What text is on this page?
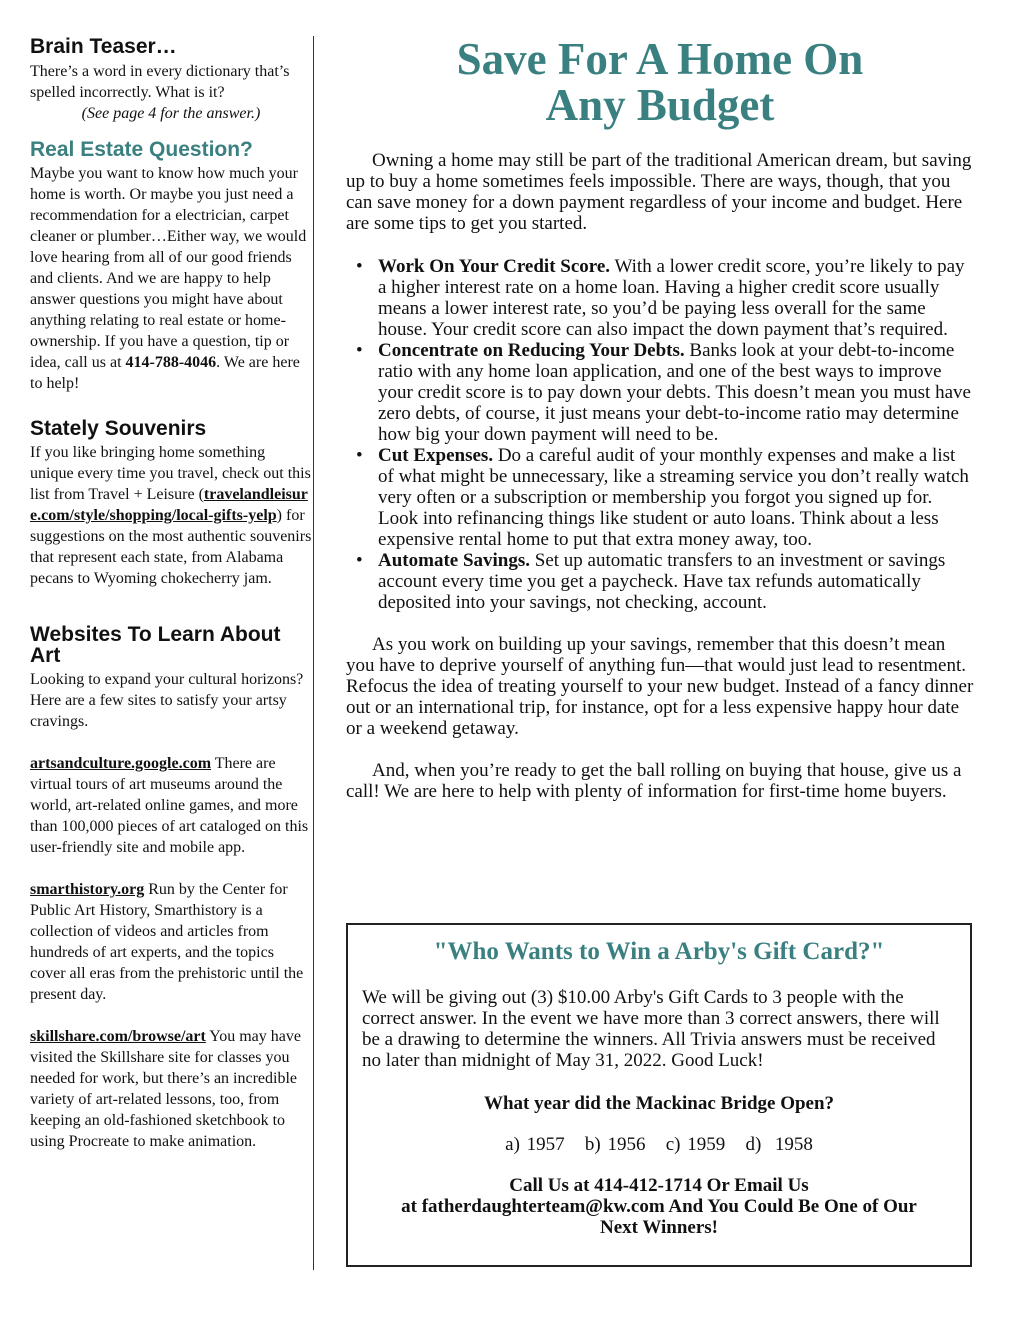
Brain Teaser…

There’s a word in every dictionary that’s spelled incorrectly. What is it?

(See page 4 for the answer.)

Real Estate Question?

Maybe you want to know how much your home is worth. Or maybe you just need a recommendation for a electrician, carpet cleaner or plumber…Either way, we would love hearing from all of our good friends and clients. And we are happy to help answer questions you might have about anything relating to real estate or home-ownership. If you have a question, tip or idea, call us at 414-788-4046. We are here to help!

Stately Souvenirs

If you like bringing home something unique every time you travel, check out this list from Travel + Leisure (travelandleisure.com/style/shopping/local-gifts-yelp) for suggestions on the most authentic souvenirs that represent each state, from Alabama pecans to Wyoming chokecherry jam.

Websites To Learn About Art

Looking to expand your cultural horizons? Here are a few sites to satisfy your artsy cravings.

artsandculture.google.com There are virtual tours of art museums around the world, art-related online games, and more than 100,000 pieces of art cataloged on this user-friendly site and mobile app.

smarthistory.org Run by the Center for Public Art History, Smarthistory is a collection of videos and articles from hundreds of art experts, and the topics cover all eras from the prehistoric until the present day.

skillshare.com/browse/art You may have visited the Skillshare site for classes you needed for work, but there’s an incredible variety of art-related lessons, too, from keeping an old-fashioned sketchbook to using Procreate to make animation.

Save For A Home On
Any Budget

Owning a home may still be part of the traditional American dream, but saving up to buy a home sometimes feels impossible. There are ways, though, that you can save money for a down payment regardless of your income and budget. Here are some tips to get you started.

• Work On Your Credit Score. With a lower credit score, you’re likely to pay a higher interest rate on a home loan. Having a higher credit score usually means a lower interest rate, so you’d be paying less overall for the same house. Your credit score can also impact the down payment that’s required.
• Concentrate on Reducing Your Debts. Banks look at your debt-to-income ratio with any home loan application, and one of the best ways to improve your credit score is to pay down your debts. This doesn’t mean you must have zero debts, of course, it just means your debt-to-income ratio may determine how big your down payment will need to be.
• Cut Expenses. Do a careful audit of your monthly expenses and make a list of what might be unnecessary, like a streaming service you don’t really watch very often or a subscription or membership you forgot you signed up for. Look into refinancing things like student or auto loans. Think about a less expensive rental home to put that extra money away, too.
• Automate Savings. Set up automatic transfers to an investment or savings account every time you get a paycheck. Have tax refunds automatically deposited into your savings, not checking, account.

As you work on building up your savings, remember that this doesn’t mean you have to deprive yourself of anything fun—that would just lead to resentment. Refocus the idea of treating yourself to your new budget. Instead of a fancy dinner out or an international trip, for instance, opt for a less expensive happy hour date or a weekend getaway.

And, when you’re ready to get the ball rolling on buying that house, give us a call! We are here to help with plenty of information for first-time home buyers.

"Who Wants to Win a Arby's Gift Card?"

We will be giving out (3) $10.00 Arby's Gift Cards to 3 people with the correct answer. In the event we have more than 3 correct answers, there will be a drawing to determine the winners. All Trivia answers must be received no later than midnight of May 31, 2022. Good Luck!

What year did the Mackinac Bridge Open?

a) 1957   b) 1956   c) 1959   d)  1958

Call Us at 414-412-1714 Or Email Us
at fatherdaughterteam@kw.com And You Could Be One of Our
Next Winners!
